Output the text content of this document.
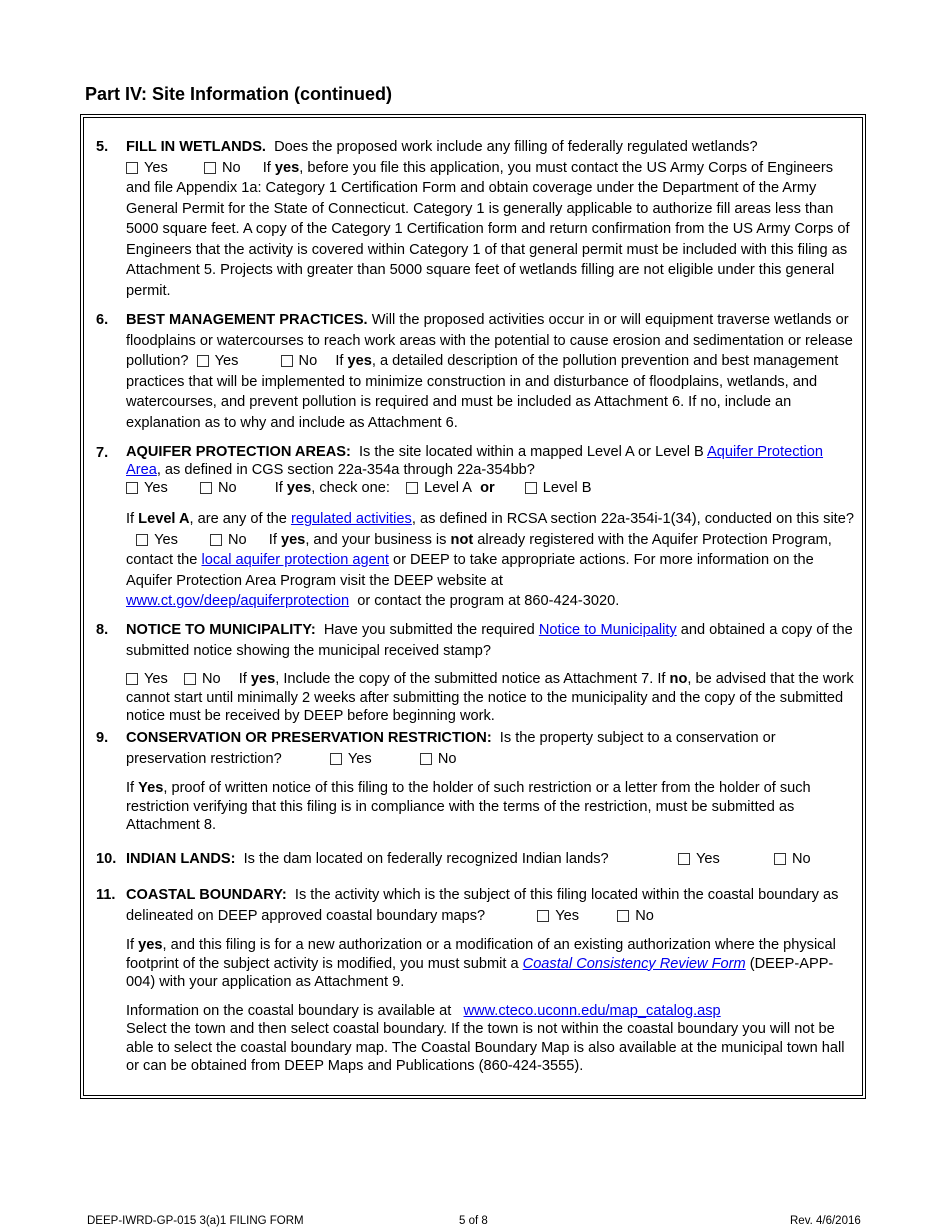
Part IV: Site Information (continued)
5. FILL IN WETLANDS. Does the proposed work include any filling of federally regulated wetlands?
Yes	No If yes, before you file this application, you must contact the US Army Corps of Engineers and file Appendix 1a: Category 1 Certification Form and obtain coverage under the Department of the Army General Permit for the State of Connecticut. Category 1 is generally applicable to authorize fill areas less than 5000 square feet. A copy of the Category 1 Certification form and return confirmation from the US Army Corps of Engineers that the activity is covered within Category 1 of that general permit must be included with this filing as Attachment 5. Projects with greater than 5000 square feet of wetlands filling are not eligible under this general permit.
6. BEST MANAGEMENT PRACTICES. Will the proposed activities occur in or will equipment traverse wetlands or floodplains or watercourses to reach work areas with the potential to cause erosion and sedimentation or release pollution? Yes	No If yes, a detailed description of the pollution prevention and best management practices that will be implemented to minimize construction in and disturbance of floodplains, wetlands, and watercourses, and prevent pollution is required and must be included as Attachment 6. If no, include an explanation as to why and include as Attachment 6.
7. AQUIFER PROTECTION AREAS: Is the site located within a mapped Level A or Level B Aquifer Protection Area, as defined in CGS section 22a-354a through 22a-354bb?
Yes	No	If yes, check one: Level A or	Level B
If Level A, are any of the regulated activities, as defined in RCSA section 22a-354i-1(34), conducted on this site?  Yes	No If yes, and your business is not already registered with the Aquifer Protection Program, contact the local aquifer protection agent or DEEP to take appropriate actions. For more information on the Aquifer Protection Area Program visit the DEEP website at
www.ct.gov/deep/aquiferprotection or contact the program at 860-424-3020.
8. NOTICE TO MUNICIPALITY: Have you submitted the required Notice to Municipality and obtained a copy of the submitted notice showing the municipal received stamp?
Yes No If yes, Include the copy of the submitted notice as Attachment 7. If no, be advised that the work cannot start until minimally 2 weeks after submitting the notice to the municipality and the copy of the submitted notice must be received by DEEP before beginning work.
9. CONSERVATION OR PRESERVATION RESTRICTION: Is the property subject to a conservation or preservation restriction?	Yes	No
If Yes, proof of written notice of this filing to the holder of such restriction or a letter from the holder of such restriction verifying that this filing is in compliance with the terms of the restriction, must be submitted as Attachment 8.
10. INDIAN LANDS: Is the dam located on federally recognized Indian lands?	Yes	No
11. COASTAL BOUNDARY: Is the activity which is the subject of this filing located within the coastal boundary as delineated on DEEP approved coastal boundary maps?	Yes	No
If yes, and this filing is for a new authorization or a modification of an existing authorization where the physical footprint of the subject activity is modified, you must submit a Coastal Consistency Review Form (DEEP-APP-004) with your application as Attachment 9.
Information on the coastal boundary is available at www.cteco.uconn.edu/map_catalog.asp
Select the town and then select coastal boundary. If the town is not within the coastal boundary you will not be able to select the coastal boundary map. The Coastal Boundary Map is also available at the municipal town hall or can be obtained from DEEP Maps and Publications (860-424-3555).
DEEP-IWRD-GP-015 3(a)1 FILING FORM	5 of 8	Rev. 4/6/2016
